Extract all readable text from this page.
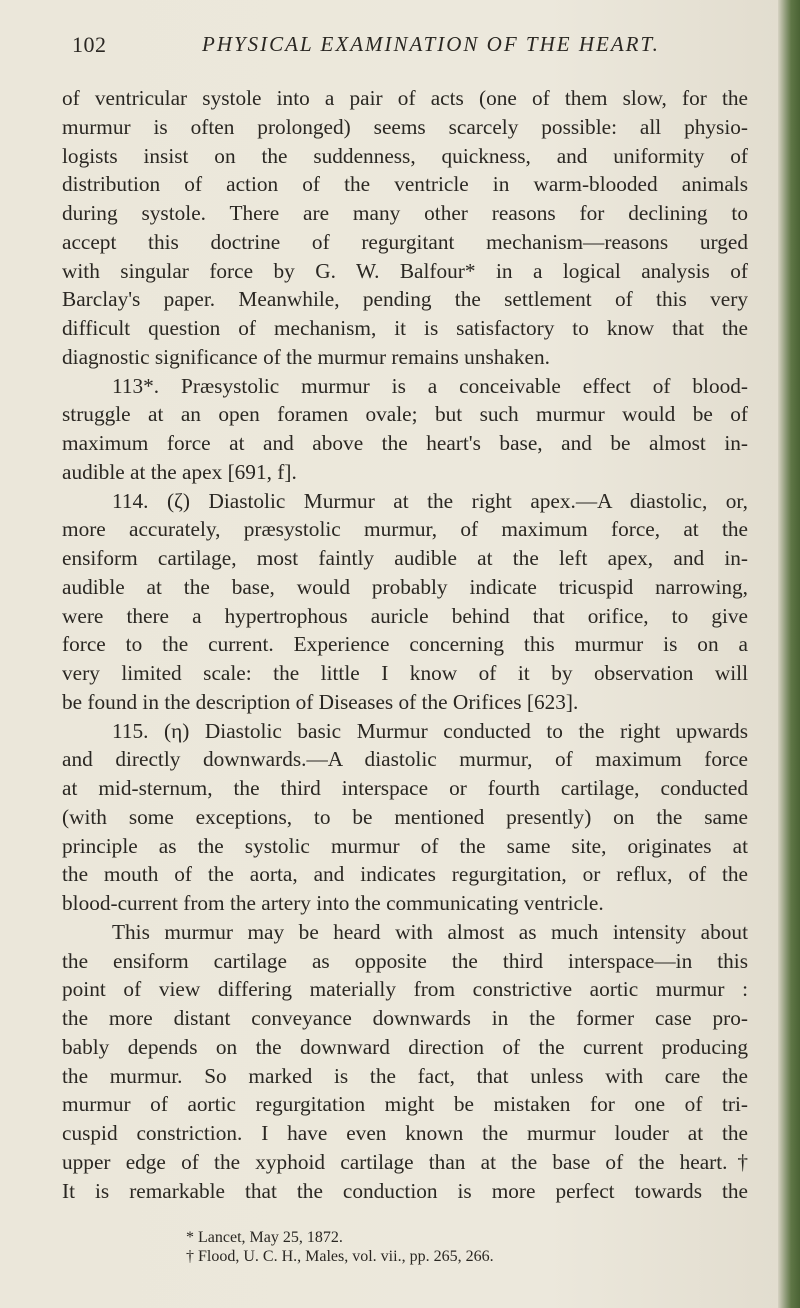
102	PHYSICAL EXAMINATION OF THE HEART.
of ventricular systole into a pair of acts (one of them slow, for the
murmur is often prolonged) seems scarcely possible: all physio-
logists insist on the suddenness, quickness, and uniformity of
distribution of action of the ventricle in warm-blooded animals
during systole. There are many other reasons for declining to
accept this doctrine of regurgitant mechanism—reasons urged
with singular force by G. W. Balfour* in a logical analysis of
Barclay's paper. Meanwhile, pending the settlement of this very
difficult question of mechanism, it is satisfactory to know that the
diagnostic significance of the murmur remains unshaken.
113*. Præsystolic murmur is a conceivable effect of blood-
struggle at an open foramen ovale; but such murmur would be of
maximum force at and above the heart's base, and be almost in-
audible at the apex [691, f].
114. (ζ) Diastolic Murmur at the right apex.—A diastolic, or,
more accurately, præsystolic murmur, of maximum force, at the
ensiform cartilage, most faintly audible at the left apex, and in-
audible at the base, would probably indicate tricuspid narrowing,
were there a hypertrophous auricle behind that orifice, to give
force to the current. Experience concerning this murmur is on a
very limited scale: the little I know of it by observation will
be found in the description of Diseases of the Orifices [623].
115. (η) Diastolic basic Murmur conducted to the right upwards
and directly downwards.—A diastolic murmur, of maximum force
at mid-sternum, the third interspace or fourth cartilage, conducted
(with some exceptions, to be mentioned presently) on the same
principle as the systolic murmur of the same site, originates at
the mouth of the aorta, and indicates regurgitation, or reflux, of the
blood-current from the artery into the communicating ventricle.
This murmur may be heard with almost as much intensity about
the ensiform cartilage as opposite the third interspace—in this
point of view differing materially from constrictive aortic murmur :
the more distant conveyance downwards in the former case pro-
bably depends on the downward direction of the current producing
the murmur. So marked is the fact, that unless with care the
murmur of aortic regurgitation might be mistaken for one of tri-
cuspid constriction. I have even known the murmur louder at the
upper edge of the xyphoid cartilage than at the base of the heart.†
It is remarkable that the conduction is more perfect towards the
* Lancet, May 25, 1872.
† Flood, U. C. H., Males, vol. vii., pp. 265, 266.
